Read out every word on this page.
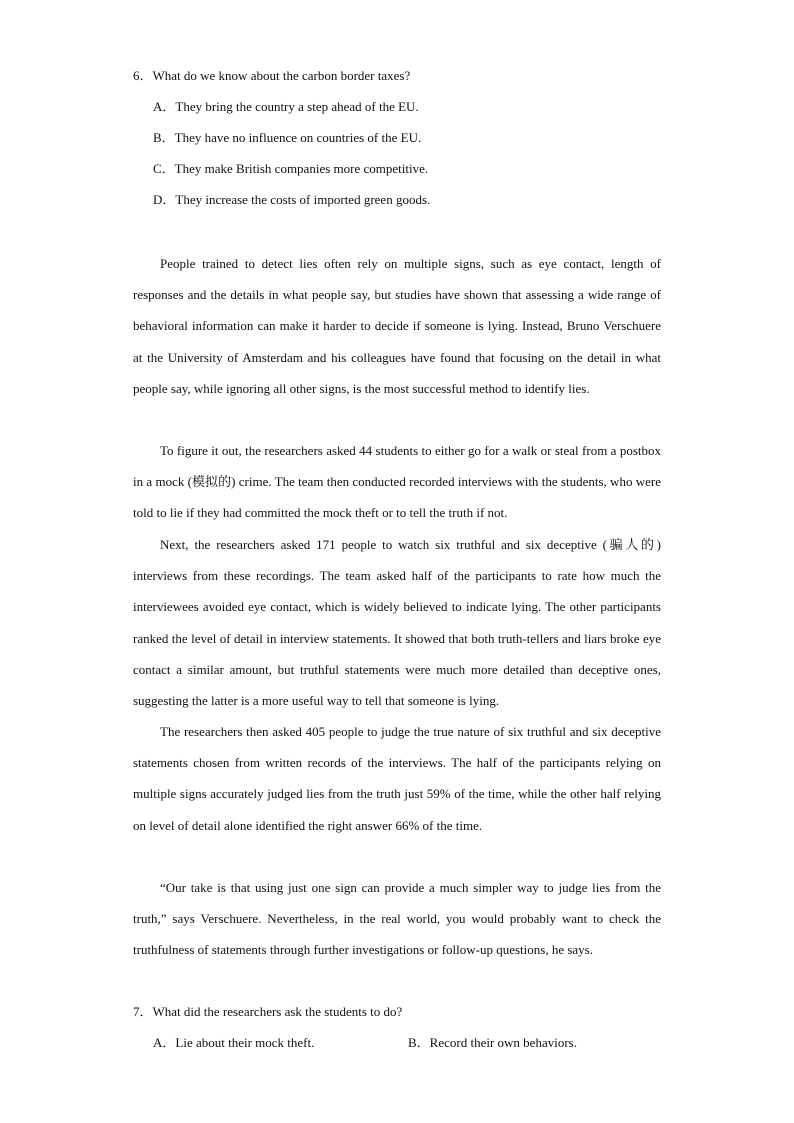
6．What do we know about the carbon border taxes?
A．They bring the country a step ahead of the EU.
B．They have no influence on countries of the EU.
C．They make British companies more competitive.
D．They increase the costs of imported green goods.

People trained to detect lies often rely on multiple signs, such as eye contact, length of responses and the details in what people say, but studies have shown that assessing a wide range of behavioral information can make it harder to decide if someone is lying. Instead, Bruno Verschuere at the University of Amsterdam and his colleagues have found that focusing on the detail in what people say, while ignoring all other signs, is the most successful method to identify lies.

To figure it out, the researchers asked 44 students to either go for a walk or steal from a postbox in a mock (模拟的) crime. The team then conducted recorded interviews with the students, who were told to lie if they had committed the mock theft or to tell the truth if not.

Next, the researchers asked 171 people to watch six truthful and six deceptive (骗人的) interviews from these recordings. The team asked half of the participants to rate how much the interviewees avoided eye contact, which is widely believed to indicate lying. The other participants ranked the level of detail in interview statements. It showed that both truth-tellers and liars broke eye contact a similar amount, but truthful statements were much more detailed than deceptive ones, suggesting the latter is a more useful way to tell that someone is lying.

The researchers then asked 405 people to judge the true nature of six truthful and six deceptive statements chosen from written records of the interviews. The half of the participants relying on multiple signs accurately judged lies from the truth just 59% of the time, while the other half relying on level of detail alone identified the right answer 66% of the time.

“Our take is that using just one sign can provide a much simpler way to judge lies from the truth,” says Verschuere. Nevertheless, in the real world, you would probably want to check the truthfulness of statements through further investigations or follow-up questions, he says.

7．What did the researchers ask the students to do?
A．Lie about their mock theft.	B．Record their own behaviors.
